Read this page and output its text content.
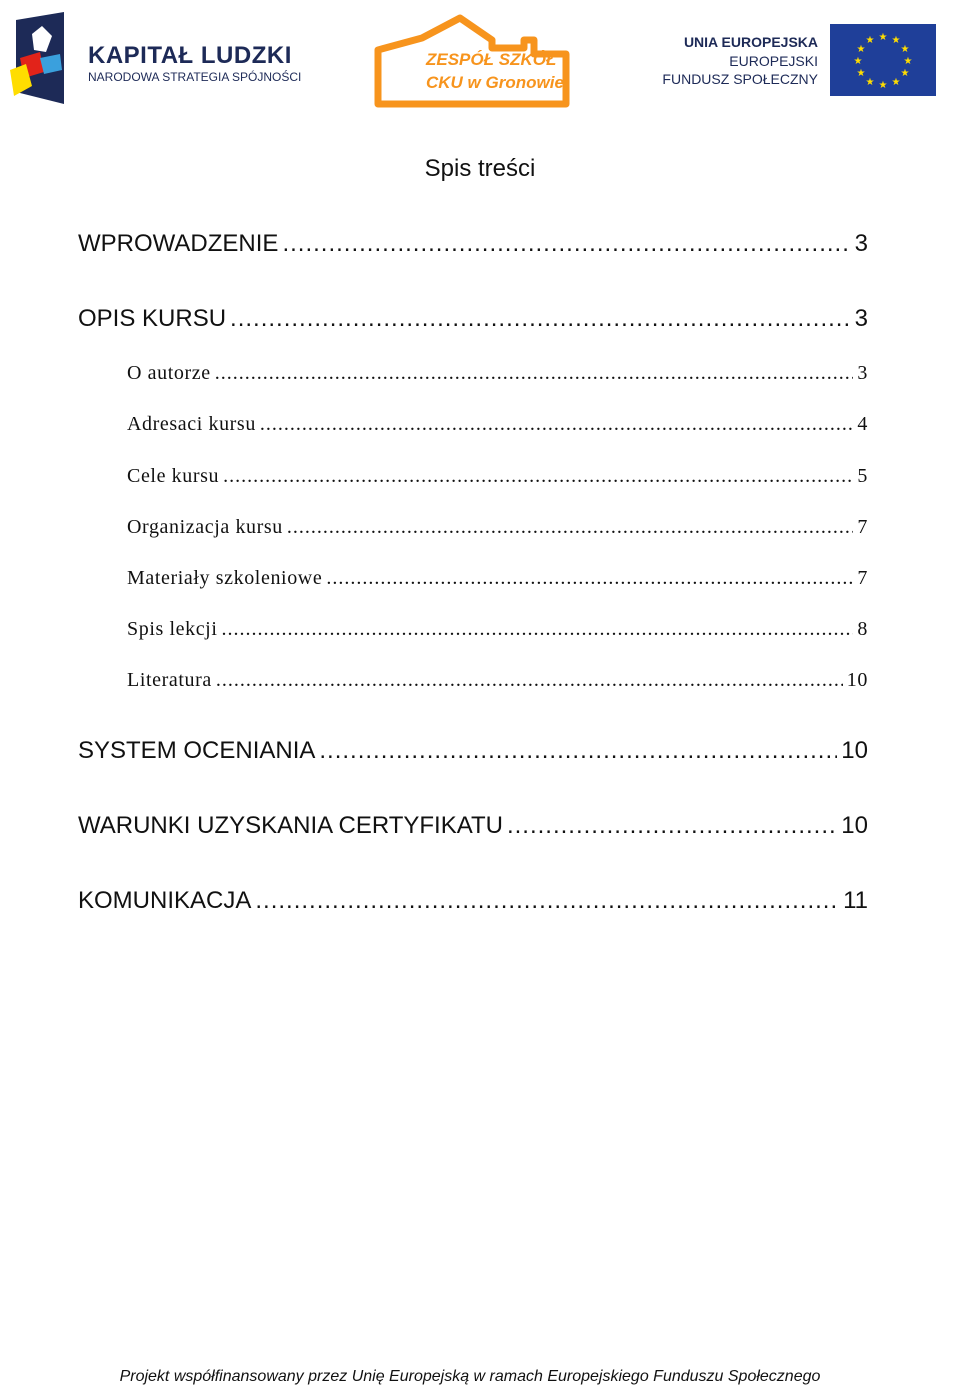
KAPITAŁ LUDZKI
NARODOWA STRATEGIA SPÓJNOŚCI
ZESPÓŁ SZKÓŁ
CKU w Gronowie
UNIA EUROPEJSKA
EUROPEJSKI
FUNDUSZ SPOŁECZNY
★ ★
★
★
★
★
★
★
★
★
★
★
Spis treści
WPROWADZENIE .....	3
OPIS KURSU .....	3
O autorze .....	3
Adresaci kursu .....	4
Cele kursu .....	5
Organizacja kursu .....	7
Materiały szkoleniowe .....	7
Spis lekcji .....	8
Literatura .....	10
SYSTEM OCENIANIA .....	10
WARUNKI UZYSKANIA CERTYFIKATU .....	10
KOMUNIKACJA .....	11
Projekt współfinansowany przez Unię Europejską w ramach Europejskiego Funduszu Społecznego
